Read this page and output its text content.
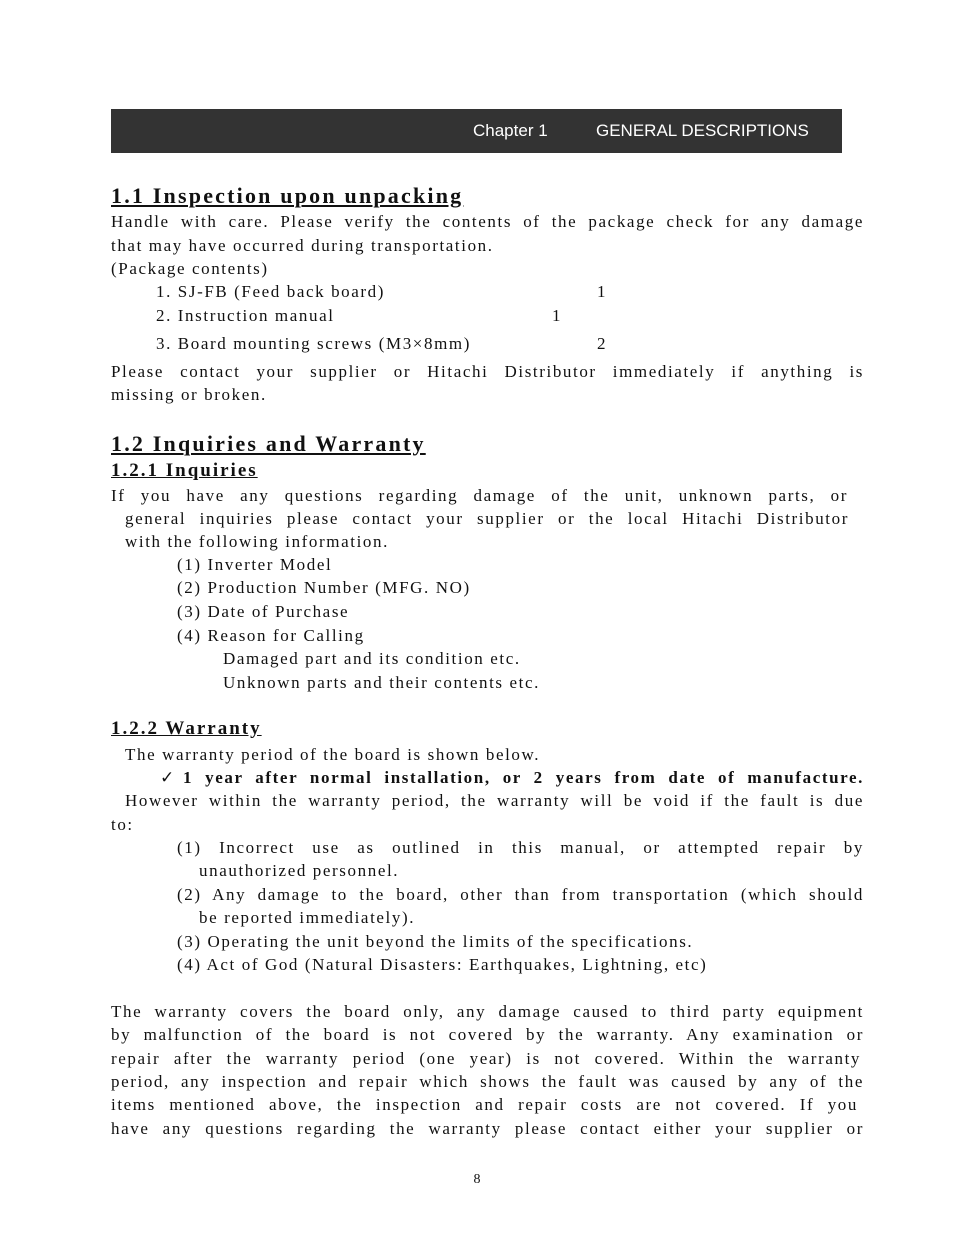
Chapter 1	GENERAL DESCRIPTIONS
1.1 Inspection upon unpacking
Handle with care. Please verify the contents of the package check for any damage
that may have occurred during transportation.
(Package contents)
1. SJ-FB (Feed back board)	1
2. Instruction manual	1
3. Board mounting screws (M3×8mm)	2
Please contact your supplier or Hitachi Distributor immediately if anything is
missing or broken.
1.2 Inquiries and Warranty
1.2.1 Inquiries
If you have any questions regarding damage of the unit, unknown parts, or
general inquiries please contact your supplier or the local Hitachi Distributor
with the following information.
(1) Inverter Model
(2) Production Number (MFG. NO)
(3) Date of Purchase
(4) Reason for Calling
Damaged part and its condition etc.
Unknown parts and their contents etc.
1.2.2 Warranty
The warranty period of the board is shown below.
✓ 1 year after normal installation, or 2 years from date of manufacture.
However within the warranty period, the warranty will be void if the fault is due
to:
(1) Incorrect use as outlined in this manual, or attempted repair by
unauthorized personnel.
(2) Any damage to the board, other than from transportation (which should
be reported immediately).
(3) Operating the unit beyond the limits of the specifications.
(4) Act of God (Natural Disasters: Earthquakes, Lightning, etc)
The warranty covers the board only, any damage caused to third party equipment
by malfunction of the board is not covered by the warranty. Any examination or
repair after the warranty period (one year) is not covered. Within the warranty
period, any inspection and repair which shows the fault was caused by any of the
items mentioned above, the inspection and repair costs are not covered. If you
have any questions regarding the warranty please contact either your supplier or
8
